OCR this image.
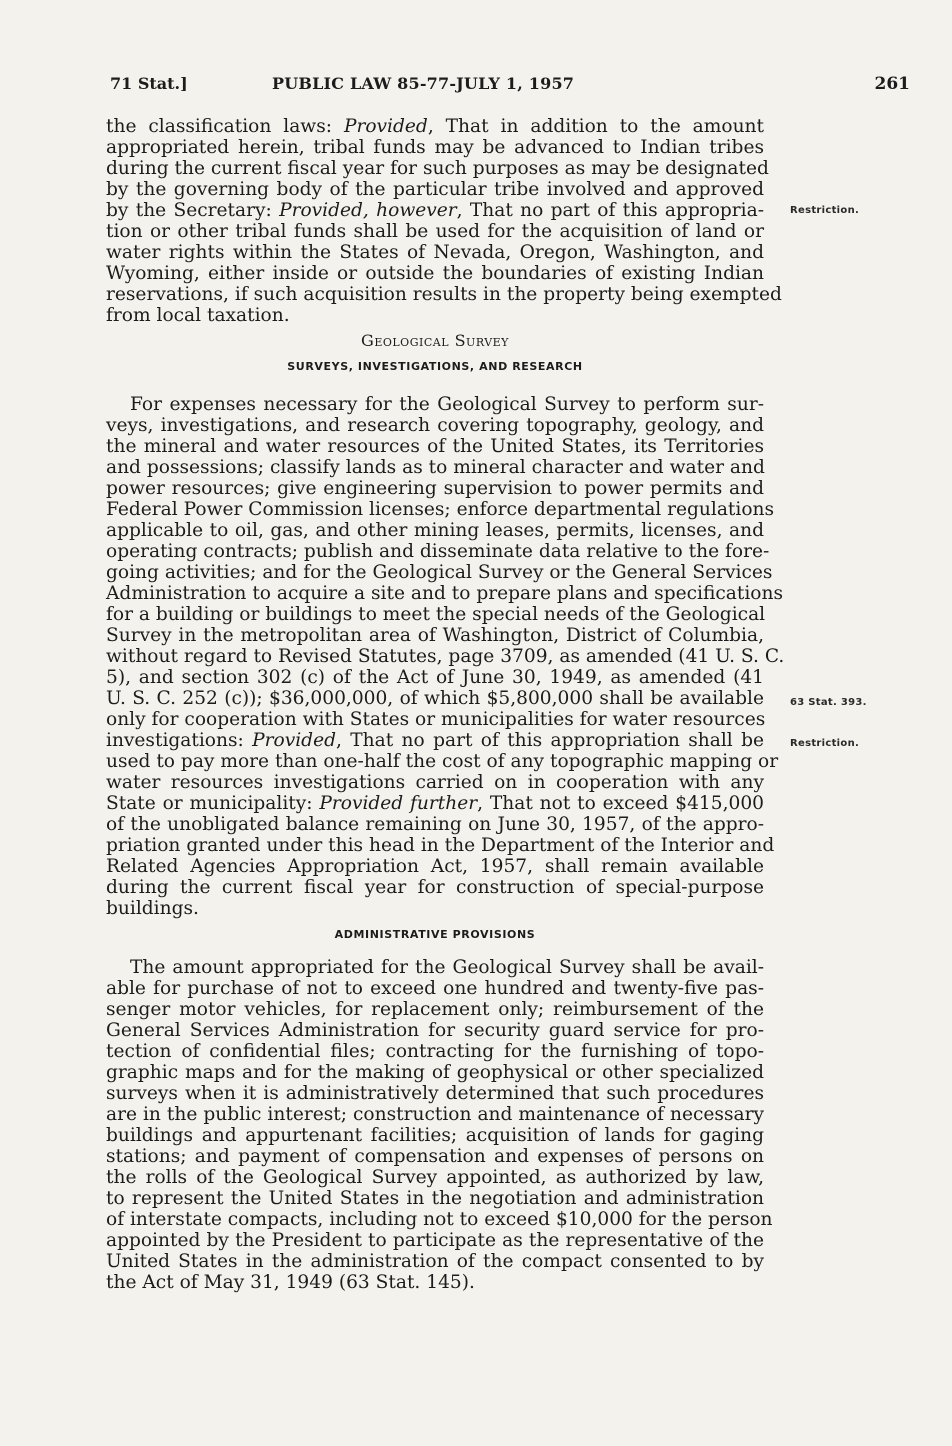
71 Stat.]	PUBLIC LAW 85-77-JULY 1, 1957	261
the classification laws: Provided, That in addition to the amount
appropriated herein, tribal funds may be advanced to Indian tribes
during the current fiscal year for such purposes as may be designated
by the governing body of the particular tribe involved and approved
by the Secretary: Provided, however, That no part of this appropria-
tion or other tribal funds shall be used for the acquisition of land or
water rights within the States of Nevada, Oregon, Washington, and
Wyoming, either inside or outside the boundaries of existing Indian
reservations, if such acquisition results in the property being exempted
from local taxation.
Geological Survey
SURVEYS, INVESTIGATIONS, AND RESEARCH
For expenses necessary for the Geological Survey to perform sur-
veys, investigations, and research covering topography, geology, and
the mineral and water resources of the United States, its Territories
and possessions; classify lands as to mineral character and water and
power resources; give engineering supervision to power permits and
Federal Power Commission licenses; enforce departmental regulations
applicable to oil, gas, and other mining leases, permits, licenses, and
operating contracts; publish and disseminate data relative to the fore-
going activities; and for the Geological Survey or the General Services
Administration to acquire a site and to prepare plans and specifications
for a building or buildings to meet the special needs of the Geological
Survey in the metropolitan area of Washington, District of Columbia,
without regard to Revised Statutes, page 3709, as amended (41 U. S. C.
5), and section 302 (c) of the Act of June 30, 1949, as amended (41
U. S. C. 252 (c)); $36,000,000, of which $5,800,000 shall be available
only for cooperation with States or municipalities for water resources
investigations: Provided, That no part of this appropriation shall be
used to pay more than one-half the cost of any topographic mapping or
water resources investigations carried on in cooperation with any
State or municipality: Provided further, That not to exceed $415,000
of the unobligated balance remaining on June 30, 1957, of the appro-
priation granted under this head in the Department of the Interior and
Related Agencies Appropriation Act, 1957, shall remain available
during the current fiscal year for construction of special-purpose
buildings.
ADMINISTRATIVE PROVISIONS
The amount appropriated for the Geological Survey shall be avail-
able for purchase of not to exceed one hundred and twenty-five pas-
senger motor vehicles, for replacement only; reimbursement of the
General Services Administration for security guard service for pro-
tection of confidential files; contracting for the furnishing of topo-
graphic maps and for the making of geophysical or other specialized
surveys when it is administratively determined that such procedures
are in the public interest; construction and maintenance of necessary
buildings and appurtenant facilities; acquisition of lands for gaging
stations; and payment of compensation and expenses of persons on
the rolls of the Geological Survey appointed, as authorized by law,
to represent the United States in the negotiation and administration
of interstate compacts, including not to exceed $10,000 for the person
appointed by the President to participate as the representative of the
United States in the administration of the compact consented to by
the Act of May 31, 1949 (63 Stat. 145).
Restriction.
63 Stat. 393.
Restriction.
